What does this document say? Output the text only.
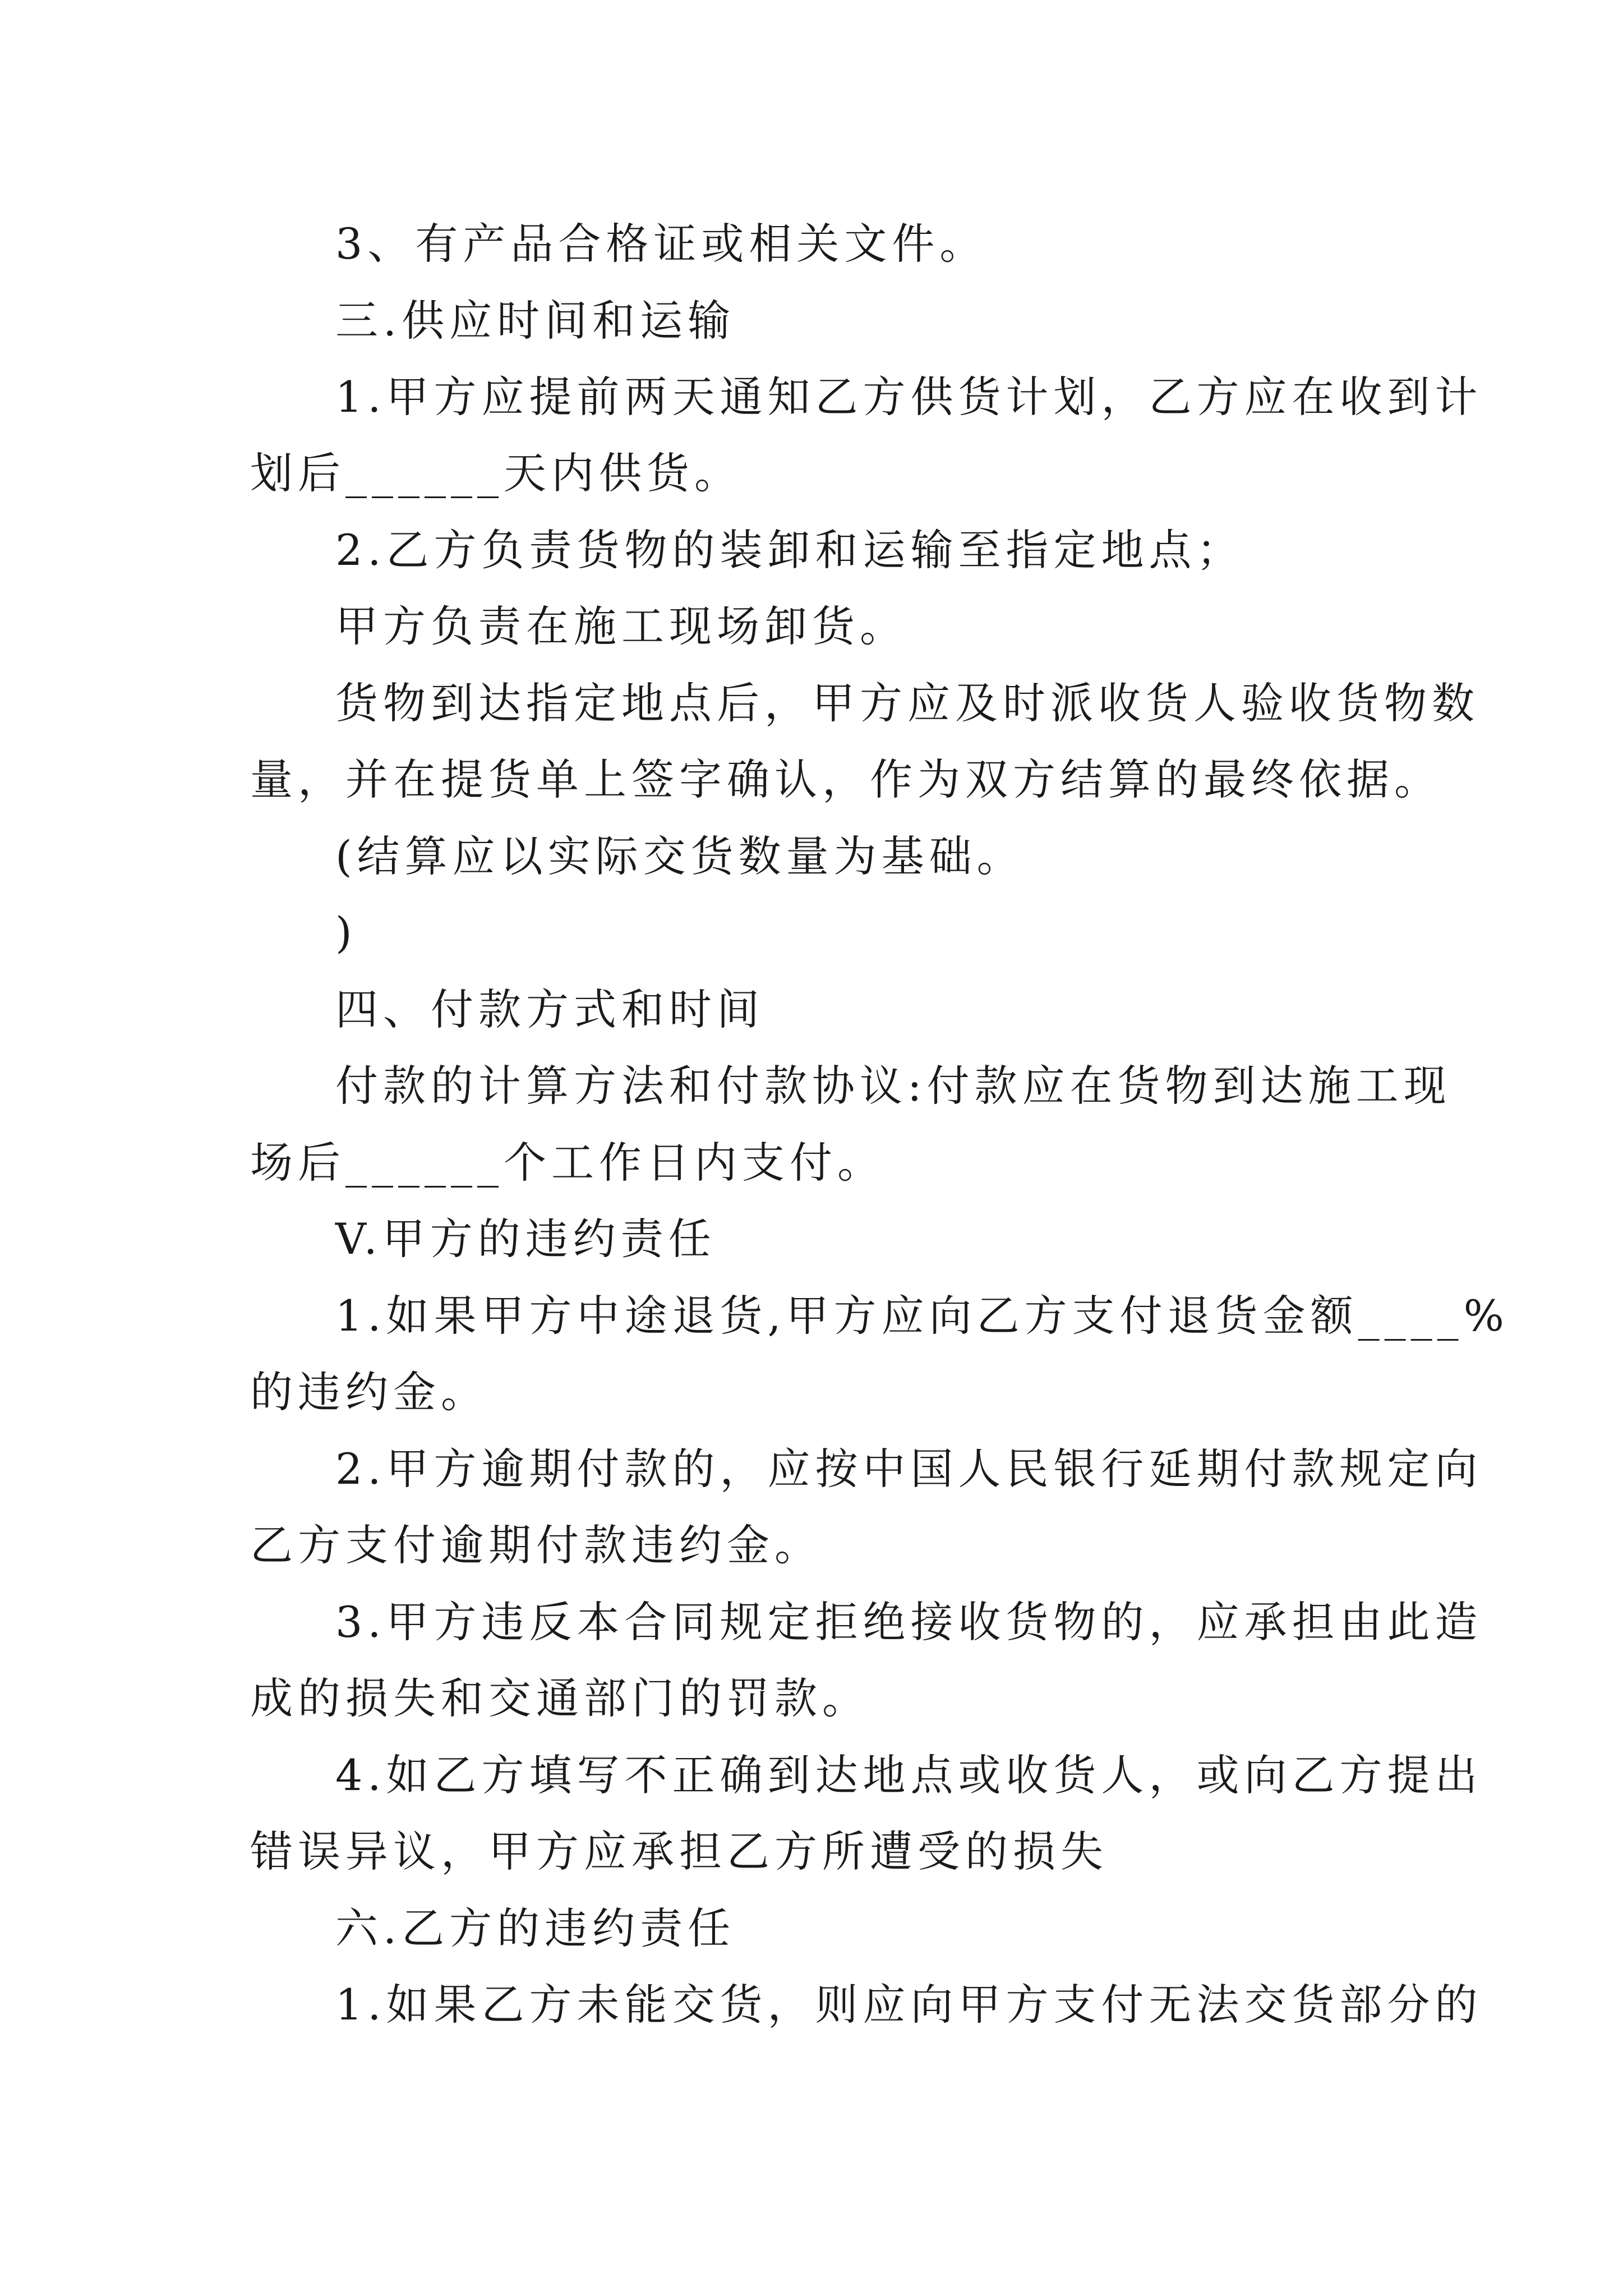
3、有产品合格证或相关文件。

三.供应时间和运输

1.甲方应提前两天通知乙方供货计划，乙方应在收到计

划后______天内供货。

2.乙方负责货物的装卸和运输至指定地点；

甲方负责在施工现场卸货。

货物到达指定地点后，甲方应及时派收货人验收货物数

量，并在提货单上签字确认，作为双方结算的最终依据。

(结算应以实际交货数量为基础。

)

四、付款方式和时间

付款的计算方法和付款协议:付款应在货物到达施工现

场后______个工作日内支付。

V.甲方的违约责任

1.如果甲方中途退货,甲方应向乙方支付退货金额____%

的违约金。

2.甲方逾期付款的，应按中国人民银行延期付款规定向

乙方支付逾期付款违约金。

3.甲方违反本合同规定拒绝接收货物的，应承担由此造

成的损失和交通部门的罚款。

4.如乙方填写不正确到达地点或收货人，或向乙方提出

错误异议，甲方应承担乙方所遭受的损失

六.乙方的违约责任

1.如果乙方未能交货，则应向甲方支付无法交货部分的
